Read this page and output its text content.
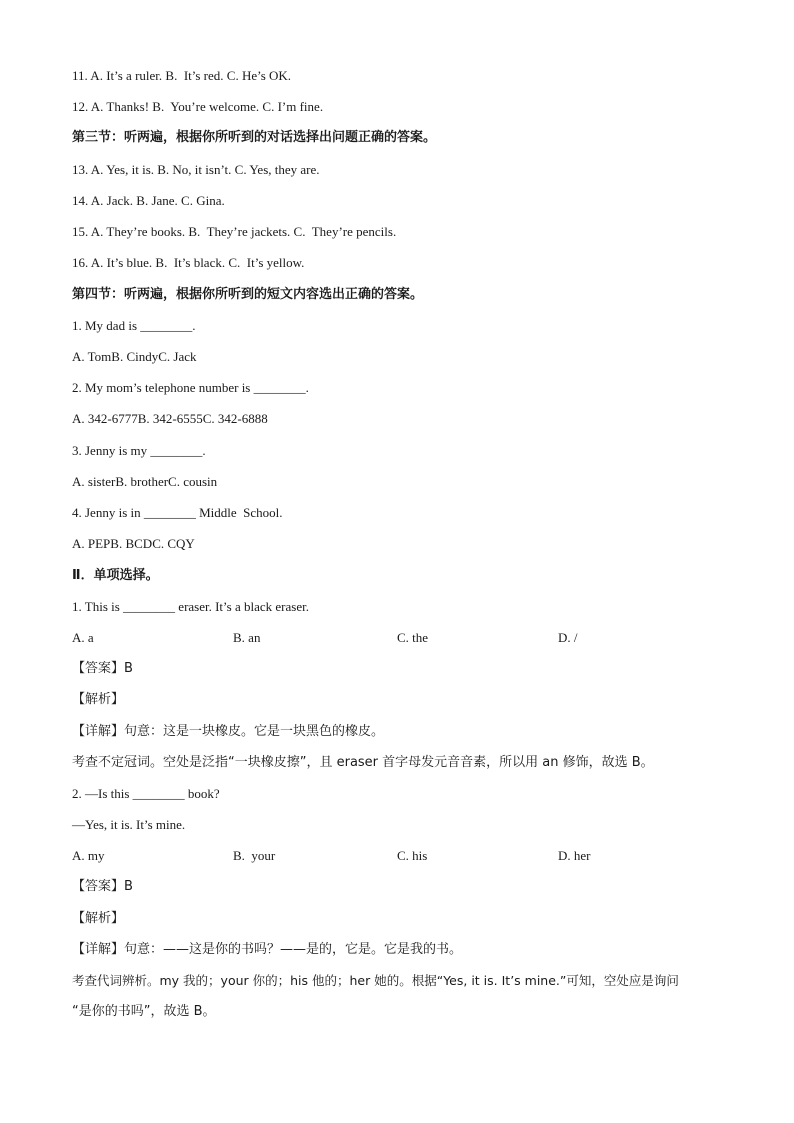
11. A. It’s a ruler. B.  It’s red. C. He’s OK.
12. A. Thanks! B.  You’re welcome. C. I’m fine.
第三节：听两遍，根据你所听到的对话选择出问题正确的答案。
13. A. Yes, it is. B. No, it isn’t. C. Yes, they are.
14. A. Jack. B. Jane. C. Gina.
15. A. They’re books. B.  They’re jackets. C.  They’re pencils.
16. A. It’s blue. B.  It’s black. C.  It’s yellow.
第四节：听两遍，根据你所听到的短文内容选出正确的答案。
1. My dad is ________.
A. TomB. CindyC. Jack
2. My mom’s telephone number is ________.
A. 342-6777B. 342-6555C. 342-6888
3. Jenny is my ________.
A. sisterB. brotherC. cousin
4. Jenny is in ________ Middle  School.
A. PEPB. BCDC. CQY
Ⅱ．单项选择。
1. This is ________ eraser. It’s a black eraser.
A. a	B. an	C. the	D. /
【答案】B
【解析】
【详解】句意：这是一块橡皮。它是一块黑色的橡皮。
考查不定冠词。空处是泛指“一块橡皮擦”，且 eraser 首字母发元音音素，所以用 an 修饰，故选 B。
2. —Is this ________ book?
—Yes, it is. It’s mine.
A. my	B.  your	C. his	D. her
【答案】B
【解析】
【详解】句意：——这是你的书吗？——是的，它是。它是我的书。
考查代词辨析。my 我的；your 你的；his 他的；her 她的。根据“Yes, it is. It’s mine.”可知，空处应是询问
“是你的书吗”，故选 B。
